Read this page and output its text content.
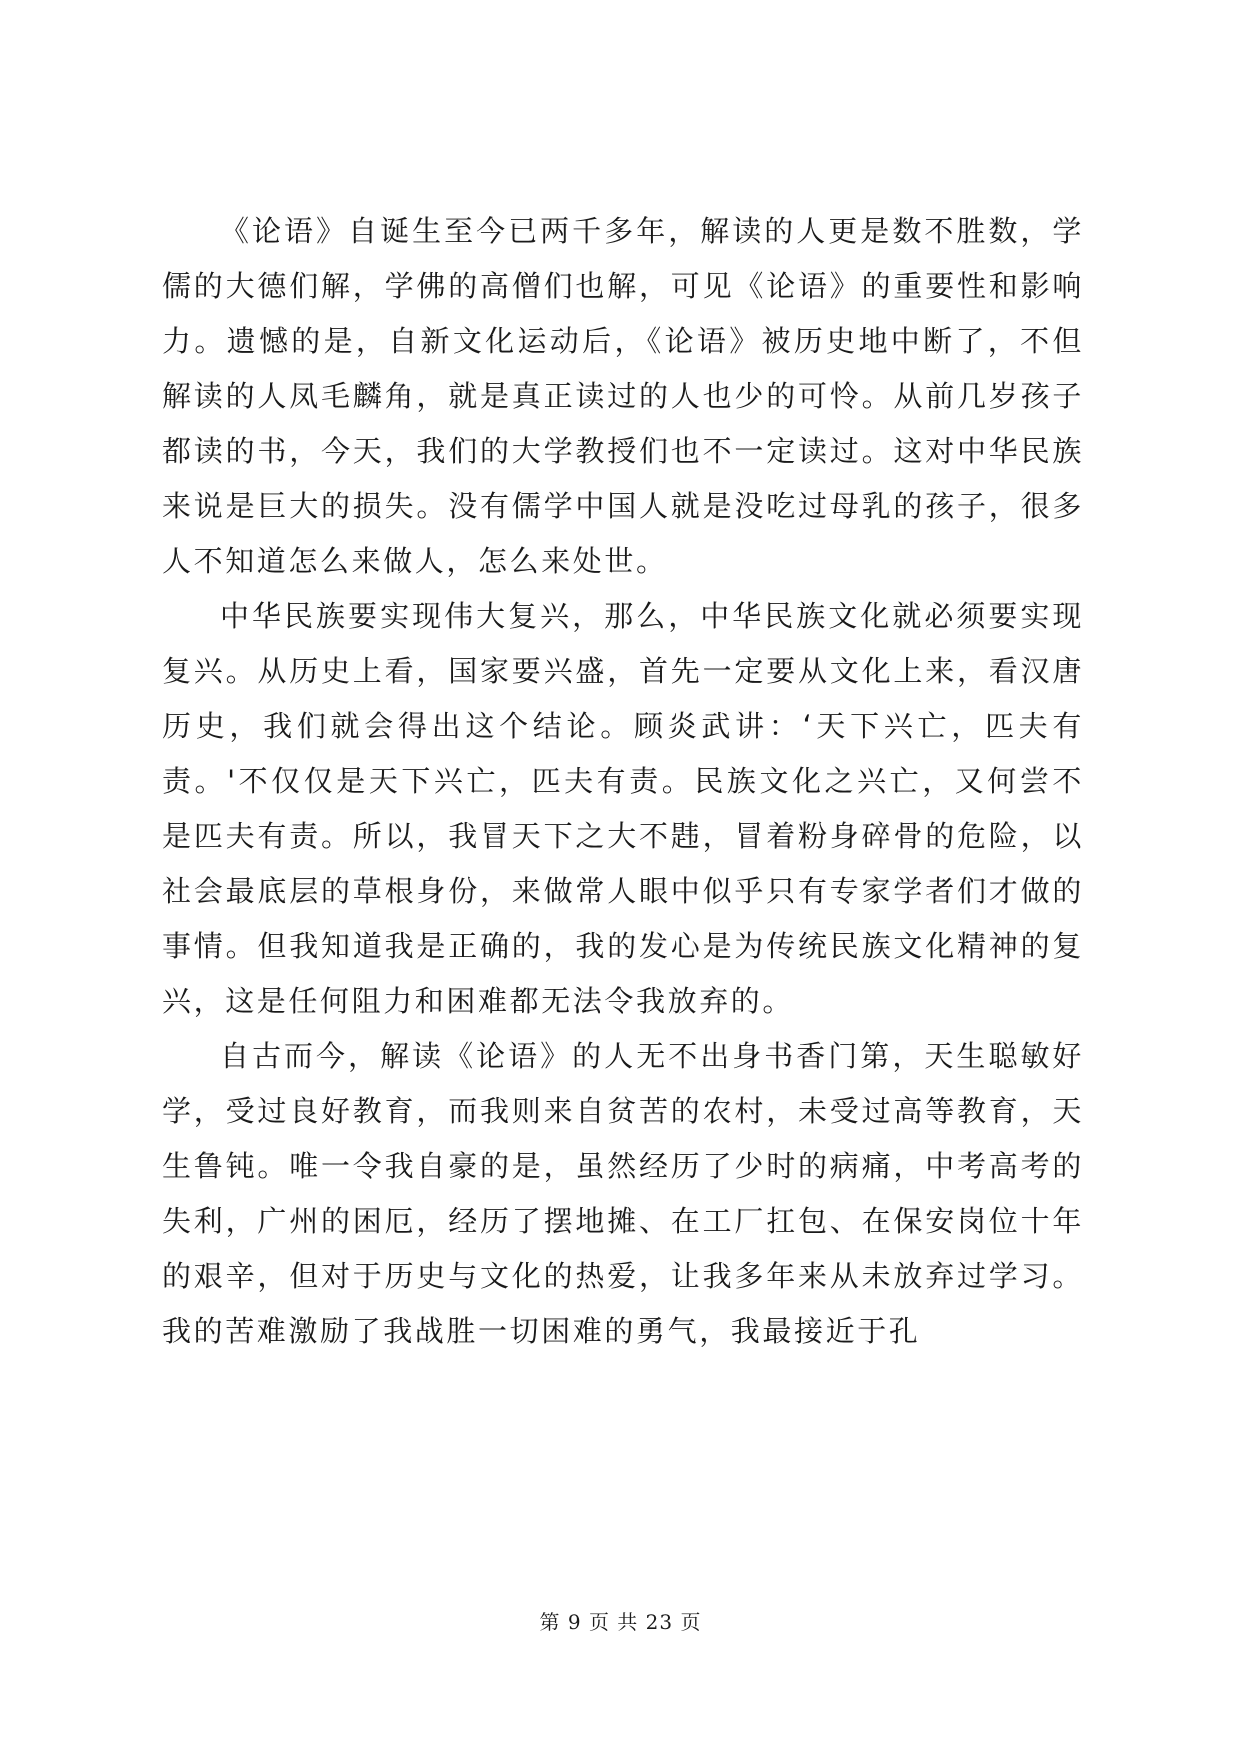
《论语》自诞生至今已两千多年，解读的人更是数不胜数，学儒的大德们解，学佛的高僧们也解，可见《论语》的重要性和影响力。遗憾的是，自新文化运动后，《论语》被历史地中断了，不但解读的人凤毛麟角，就是真正读过的人也少的可怜。从前几岁孩子都读的书，今天，我们的大学教授们也不一定读过。这对中华民族来说是巨大的损失。没有儒学中国人就是没吃过母乳的孩子，很多人不知道怎么来做人，怎么来处世。

中华民族要实现伟大复兴，那么，中华民族文化就必须要实现复兴。从历史上看，国家要兴盛，首先一定要从文化上来，看汉唐历史，我们就会得出这个结论。顾炎武讲：‘天下兴亡，匹夫有责。'不仅仅是天下兴亡，匹夫有责。民族文化之兴亡，又何尝不是匹夫有责。所以，我冒天下之大不韪，冒着粉身碎骨的危险，以社会最底层的草根身份，来做常人眼中似乎只有专家学者们才做的事情。但我知道我是正确的，我的发心是为传统民族文化精神的复兴，这是任何阻力和困难都无法令我放弃的。

自古而今，解读《论语》的人无不出身书香门第，天生聪敏好学，受过良好教育，而我则来自贫苦的农村，未受过高等教育，天生鲁钝。唯一令我自豪的是，虽然经历了少时的病痛，中考高考的失利，广州的困厄，经历了摆地摊、在工厂扛包、在保安岗位十年的艰辛，但对于历史与文化的热爱，让我多年来从未放弃过学习。我的苦难激励了我战胜一切困难的勇气，我最接近于孔

第 9 页 共 23 页
